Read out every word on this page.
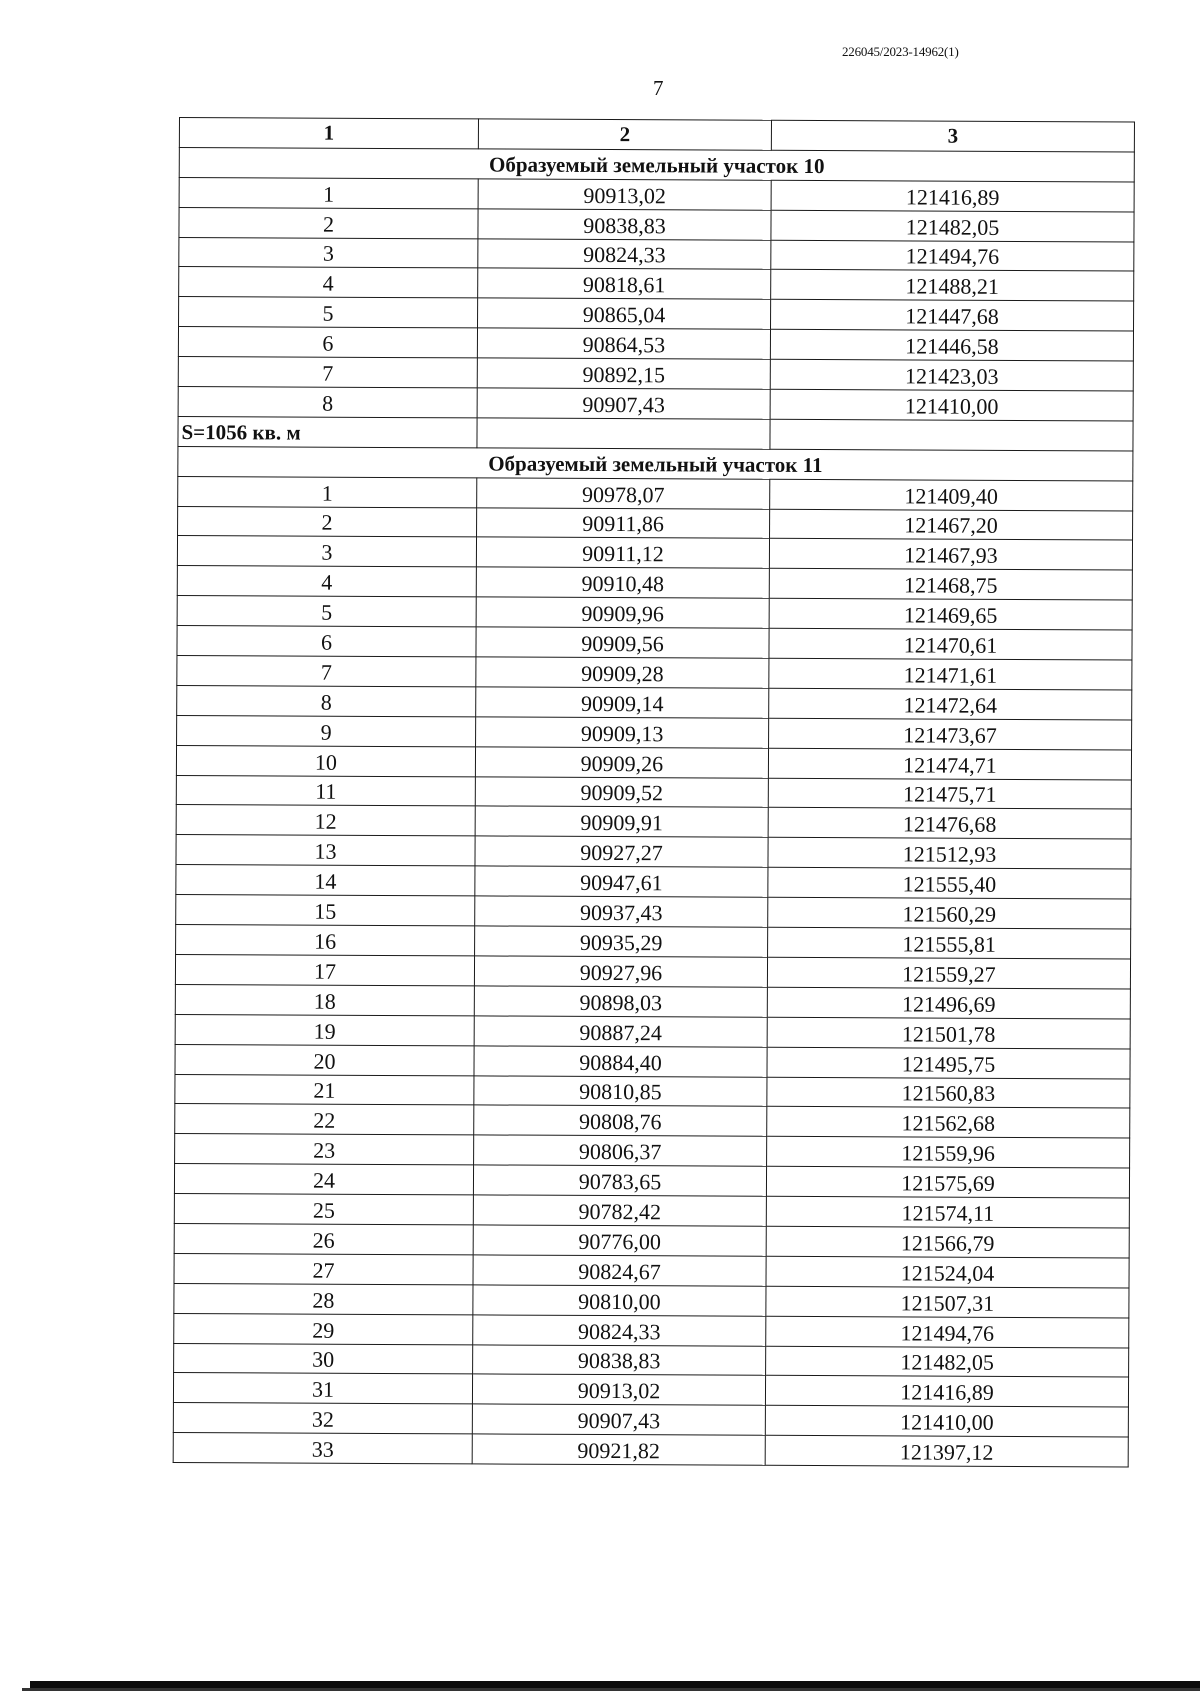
226045/2023-14962(1)
7
1	2	3
Образуемый земельный участок 10		
1	90913,02	121416,89
2	90838,83	121482,05
3	90824,33	121494,76
4	90818,61	121488,21
5	90865,04	121447,68
6	90864,53	121446,58
7	90892,15	121423,03
8	90907,43	121410,00
S=1056 кв. м		
Образуемый земельный участок 11		
1	90978,07	121409,40
2	90911,86	121467,20
3	90911,12	121467,93
4	90910,48	121468,75
5	90909,96	121469,65
6	90909,56	121470,61
7	90909,28	121471,61
8	90909,14	121472,64
9	90909,13	121473,67
10	90909,26	121474,71
11	90909,52	121475,71
12	90909,91	121476,68
13	90927,27	121512,93
14	90947,61	121555,40
15	90937,43	121560,29
16	90935,29	121555,81
17	90927,96	121559,27
18	90898,03	121496,69
19	90887,24	121501,78
20	90884,40	121495,75
21	90810,85	121560,83
22	90808,76	121562,68
23	90806,37	121559,96
24	90783,65	121575,69
25	90782,42	121574,11
26	90776,00	121566,79
27	90824,67	121524,04
28	90810,00	121507,31
29	90824,33	121494,76
30	90838,83	121482,05
31	90913,02	121416,89
32	90907,43	121410,00
33	90921,82	121397,12
